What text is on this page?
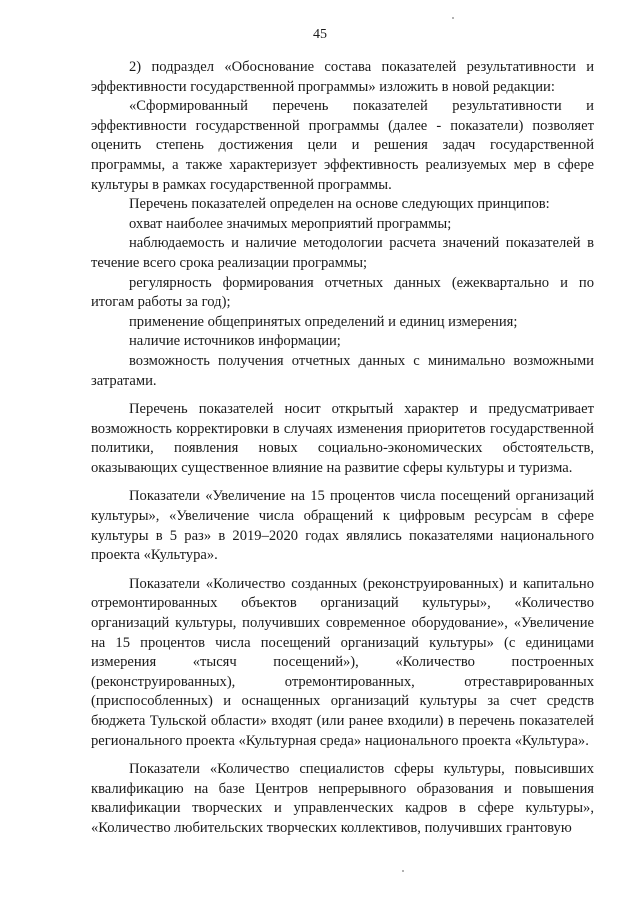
45

2) подраздел «Обоснование состава показателей результативности и эффективности государственной программы» изложить в новой редакции:

«Сформированный перечень показателей результативности и эффективности государственной программы (далее - показатели) позволяет оценить степень достижения цели и решения задач государственной программы, а также характеризует эффективность реализуемых мер в сфере культуры в рамках государственной программы.

Перечень показателей определен на основе следующих принципов:

охват наиболее значимых мероприятий программы;

наблюдаемость и наличие методологии расчета значений показателей в течение всего срока реализации программы;

регулярность формирования отчетных данных (ежеквартально и по итогам работы за год);

применение общепринятых определений и единиц измерения;

наличие источников информации;

возможность получения отчетных данных с минимально возможными затратами.

Перечень показателей носит открытый характер и предусматривает возможность корректировки в случаях изменения приоритетов государственной политики, появления новых социально-экономических обстоятельств, оказывающих существенное влияние на развитие сферы культуры и туризма.

Показатели «Увеличение на 15 процентов числа посещений организаций культуры», «Увеличение числа обращений к цифровым ресурсам в сфере культуры в 5 раз» в 2019–2020 годах являлись показателями национального проекта «Культура».

Показатели «Количество созданных (реконструированных) и капитально отремонтированных объектов организаций культуры», «Количество организаций культуры, получивших современное оборудование», «Увеличение на 15 процентов числа посещений организаций культуры» (с единицами измерения «тысяч посещений»), «Количество построенных (реконструированных), отремонтированных, отреставрированных (приспособленных) и оснащенных организаций культуры за счет средств бюджета Тульской области» входят (или ранее входили) в перечень показателей регионального проекта «Культурная среда» национального проекта «Культура».

Показатели «Количество специалистов сферы культуры, повысивших квалификацию на базе Центров непрерывного образования и повышения квалификации творческих и управленческих кадров в сфере культуры», «Количество любительских творческих коллективов, получивших грантовую
